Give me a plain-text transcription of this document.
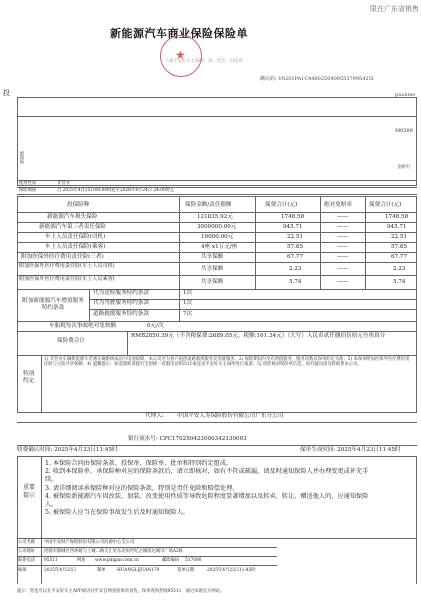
限在广东省销售
新能源汽车商业保险保险单
★
下载平安好车主APP，线一次出一份问询
确认码: V0201PA1C44002504095537995425I
pnahme
投
被保险
M0589
金额用
使用性质	非营业
保险期间	自 2025年4月25日00:00时起至2026年4月24日 24:00时止
投保险种	保险金额/责任限额	保费合计(元)	绝对免赔率	保费合计(元)
新能源汽车损失保险	121835.92元	1748.58	——	1748.58
新能源汽车第三者责任保险	3000000.00元	945.71	——	945.71
车上人员责任保险(司机)	10000.00元	22.51	——	22.51
车上人员责任保险(乘客)	4座 x1万元/座	57.85	——	57.85
附加医保外医疗费用责任险(三者)	共享保额	67.77	——	67.77
附加医保外医疗费用责任险(车上人员司机)	共享保额	2.23	——	2.23
附加医保外医疗费用责任险(车上人员乘客)	共享保额	5.74	——	5.74
附加新能源汽车增值服务特约条款
代为送检服务特约条款	1次
代为驾驶服务特约条款	1次
道路救援服务特约条款	7次
车船税每次事故绝对免赔额	0元/次
保险费合计
RMB2850.39元（不含税保费:2689.05元，税额:161.34元）（大写）人民币贰仟捌佰伍拾元叁角玖分
特别约定
1) 非营业车辆新能源车若遇车辆系统或动力电池故障，本公司可为客户提供道路救援服务及驾驶服务；2) 保险期间内享有增值服务，服务次数以保单约定为准；3) 本保单附加医保外医疗费用责任险与主险共享保额；4) 温馨提示：如需理赔请拨打全国统一客服电话95511或登录平安好车主APP进行报案；5) 请您核对保险单信息，如有疑问请及时联系本公司。
代理人: 中国平安人寿保险股份有限公司广东分公司
银行流水号: CPC170250423000342130003
收费确认时间: 2025年4月23日11:45时	保单生成时间: 2025年4月23日11:45时
重要提示
1. 本保险合同由保险条款、投保单、保险单、批单和特别约定组成。
2. 收到本保险单、承保险种对应的保险条款后，请立即核对，如有不符或疏漏，请及时通知保险人并办理变更或补充手续。
3. 请详细阅读承保险种对应的保险条款，特别是责任免除和赔偿处理。
4. 被保险新能源汽车因改装、加装、改变使用性质等导致危险程度显著增加以及转卖、转让、赠送他人的，应通知保险人。
5. 被保险人应当在保险事故发生后及时通知保险人。
公司名称 中国平安财产保险股份有限公司河源中心支公司
公司地址 河源市源城区西环路与上城二路交汇处东北角世纪之城富达城市广场A2栋
联系电话 95511	网址 www.pingan.com.cn	邮政编码 517000
核保	2025年4月23日	制单	HUANGLIJUAN179	签单日期	2025年4月23日11:45时
提示：您也可以在平安好车主APP或访问平安官网查验保单真伪，保单查询热线95511，通过本地官方网站。
